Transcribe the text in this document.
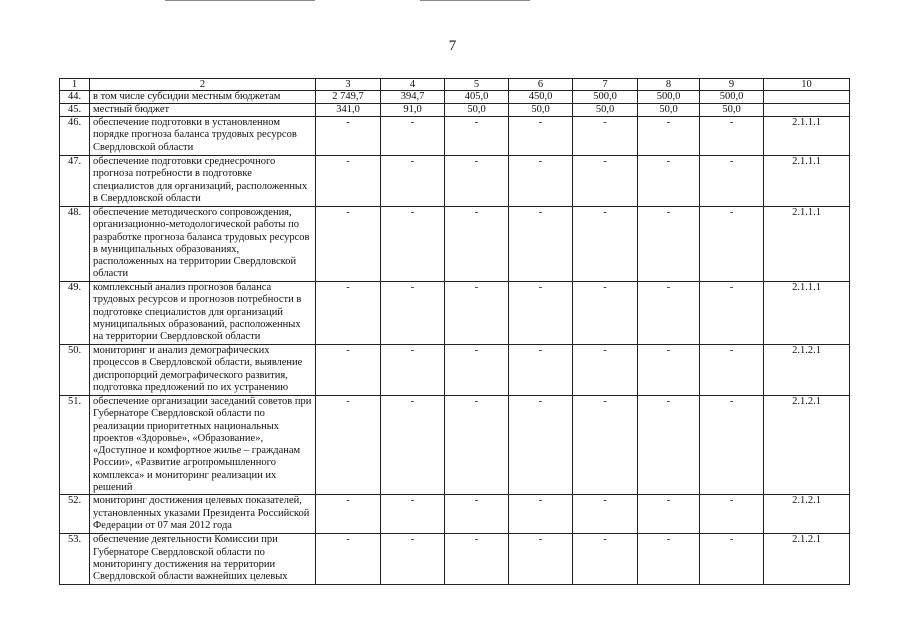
7
1	2	3	4	5	6	7	8	9	10
44.	в том числе субсидии местным бюджетам	2 749,7	394,7	405,0	450,0	500,0	500,0	500,0	
45.	местный бюджет	341,0	91,0	50,0	50,0	50,0	50,0	50,0	
46.	обеспечение подготовки в установленном порядке прогноза баланса трудовых ресурсов Свердловской области	-	-	-	-	-	-	-	2.1.1.1
47.	обеспечение подготовки среднесрочного прогноза потребности в подготовке специалистов для организаций, расположенных в Свердловской области	-	-	-	-	-	-	-	2.1.1.1
48.	обеспечение методического сопровождения, организационно-методологической работы по разработке прогноза баланса трудовых ресурсов в муниципальных образованиях, расположенных на территории Свердловской области	-	-	-	-	-	-	-	2.1.1.1
49.	комплексный анализ прогнозов баланса трудовых ресурсов и прогнозов потребности в подготовке специалистов для организаций муниципальных образований, расположенных на территории Свердловской области	-	-	-	-	-	-	-	2.1.1.1
50.	мониторинг и анализ демографических процессов в Свердловской области, выявление диспропорций демографического развития, подготовка предложений по их устранению	-	-	-	-	-	-	-	2.1.2.1
51.	обеспечение организации заседаний советов при Губернаторе Свердловской области по реализации приоритетных национальных проектов «Здоровье», «Образование», «Доступное и комфортное жилье – гражданам России», «Развитие агропромышленного комплекса» и мониторинг реализации их решений	-	-	-	-	-	-	-	2.1.2.1
52.	мониторинг достижения целевых показателей, установленных указами Президента Российской Федерации от 07 мая 2012 года	-	-	-	-	-	-	-	2.1.2.1
53.	обеспечение деятельности Комиссии при Губернаторе Свердловской области по мониторингу достижения на территории Свердловской области важнейших целевых	-	-	-	-	-	-	-	2.1.2.1
